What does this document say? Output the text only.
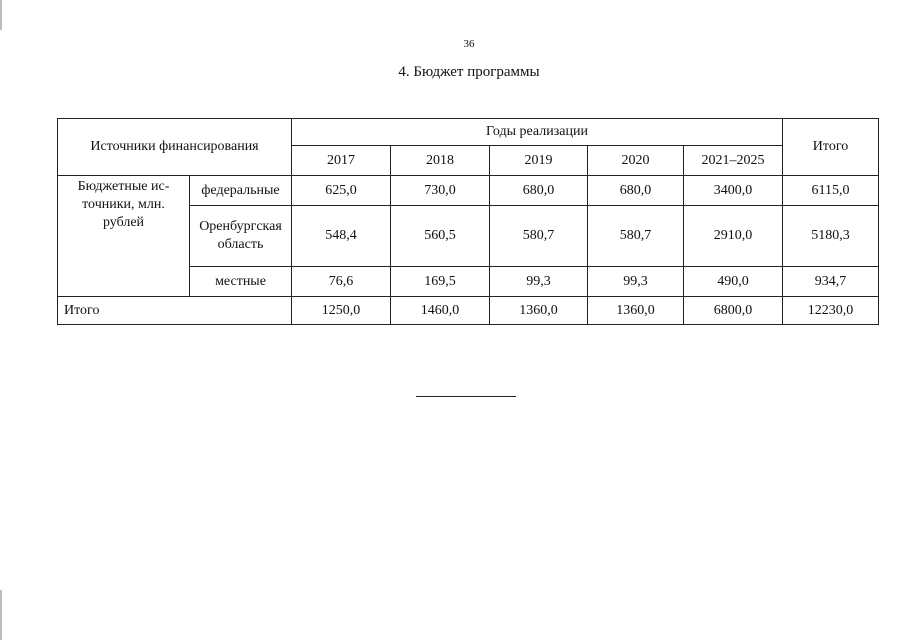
36
4. Бюджет программы
Источники финансирования		Годы реализации					Итого
		2017	2018	2019	2020	2021–2025	
Бюджетные ис-точники, млн. рублей	федеральные	625,0	730,0	680,0	680,0	3400,0	6115,0
	Оренбургская область	548,4	560,5	580,7	580,7	2910,0	5180,3
	местные	76,6	169,5	99,3	99,3	490,0	934,7
Итого		1250,0	1460,0	1360,0	1360,0	6800,0	12230,0
